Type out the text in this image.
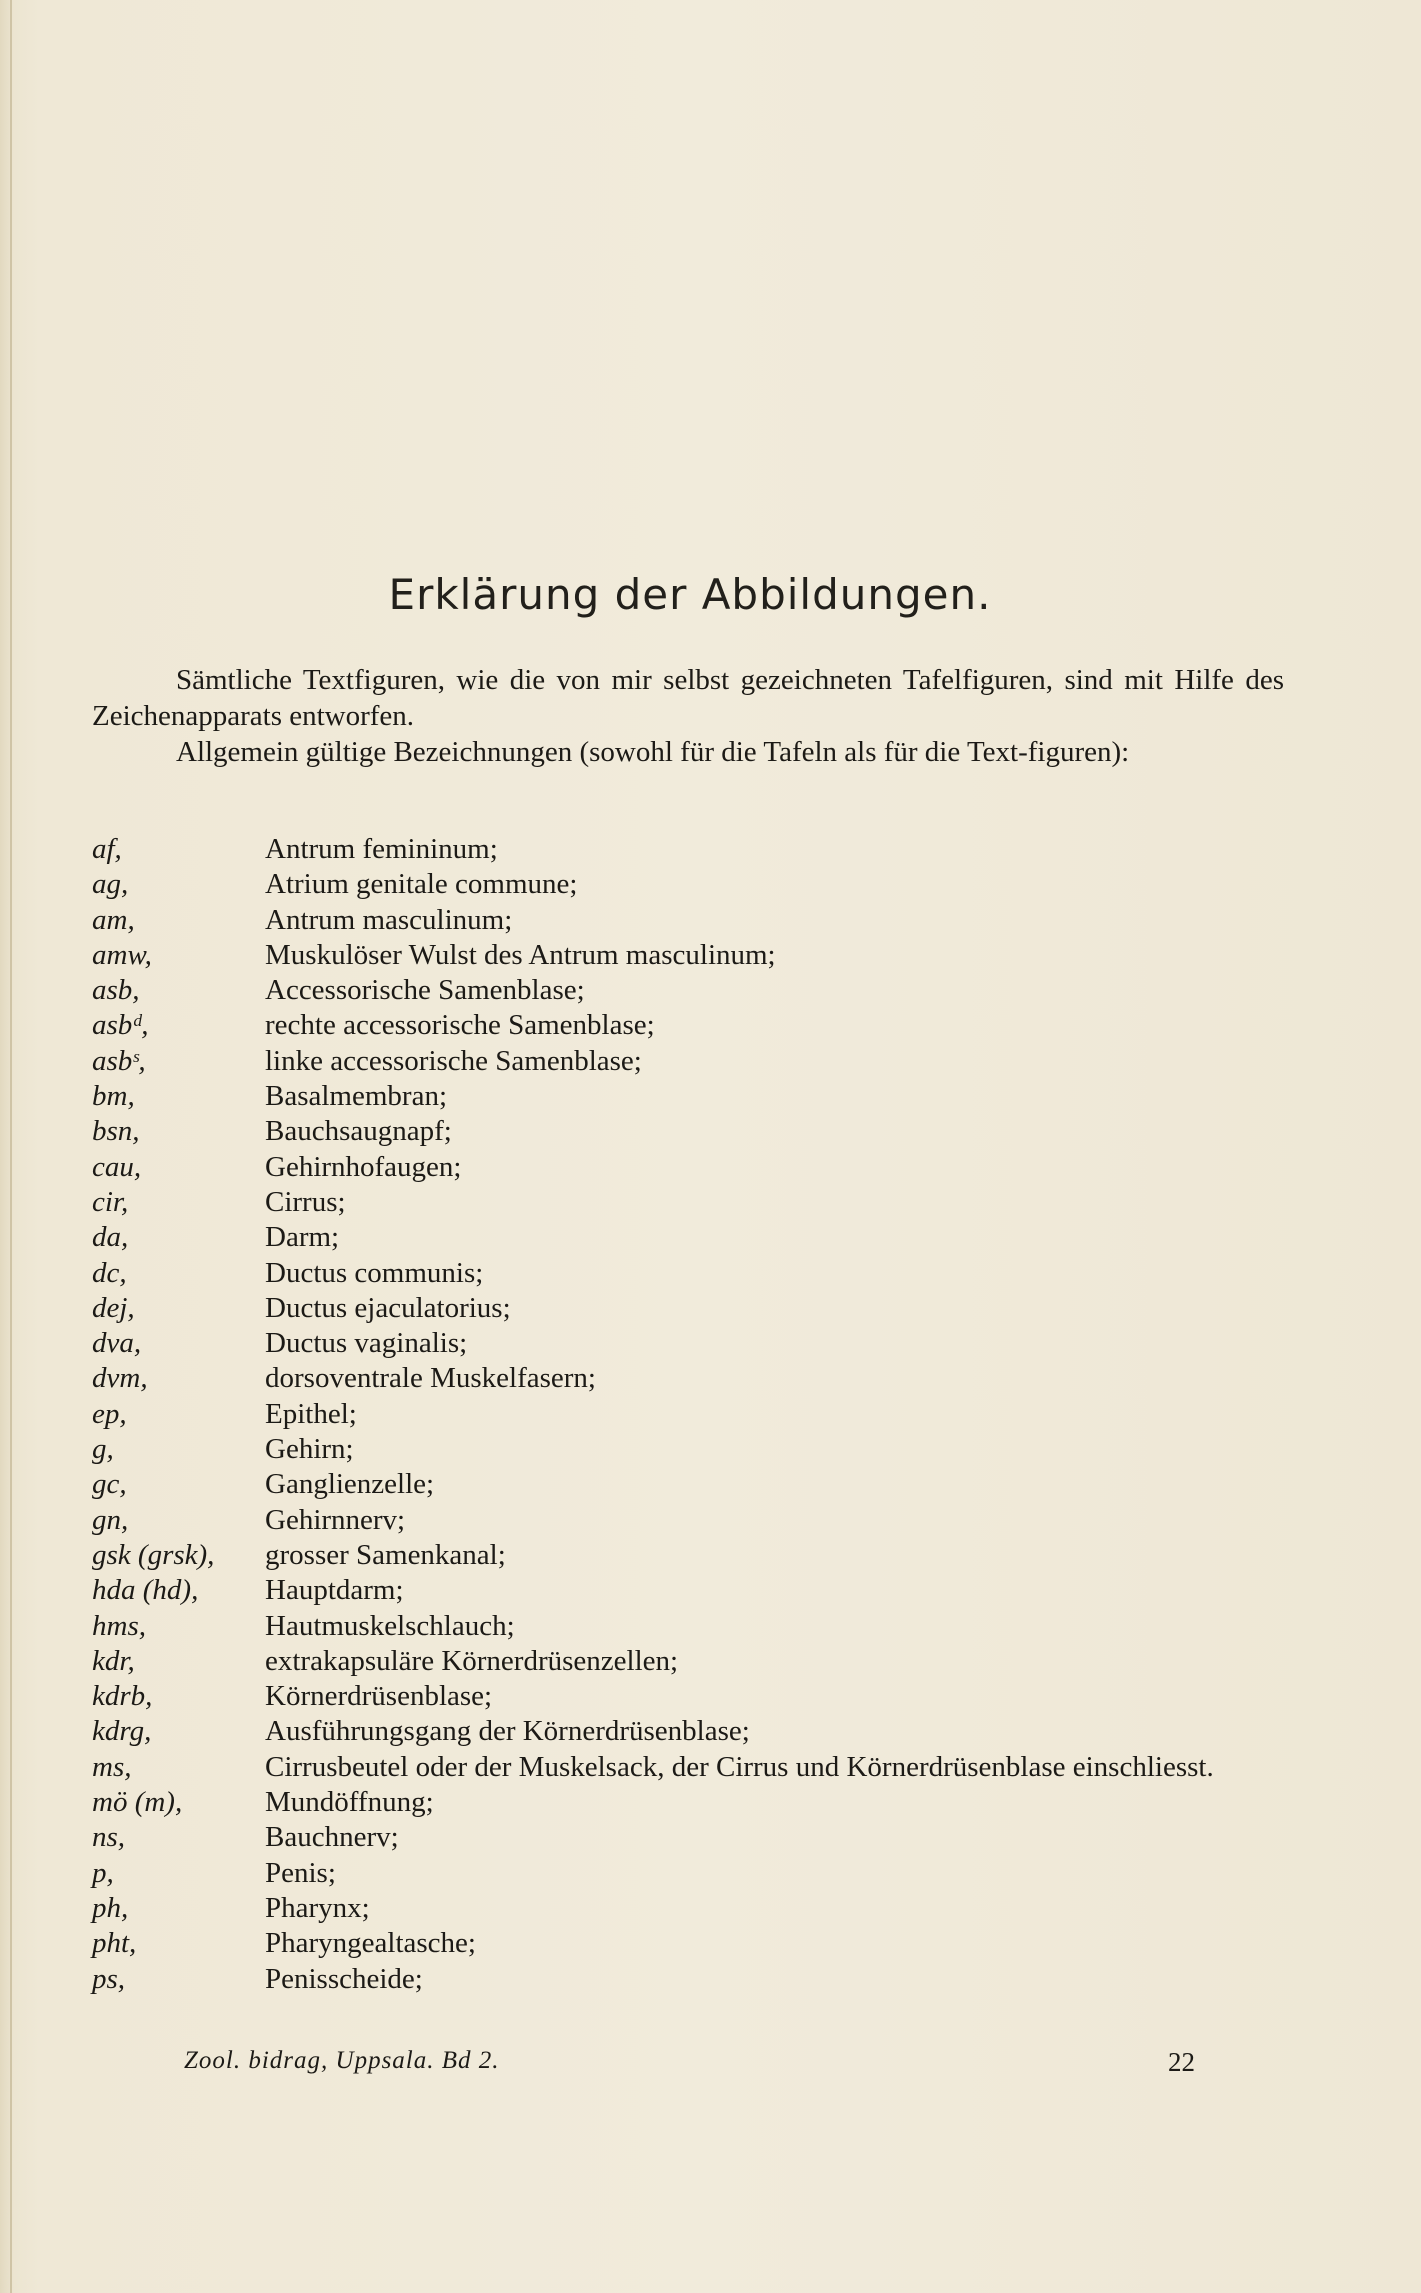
Erklärung der Abbildungen.

Sämtliche Textfiguren, wie die von mir selbst gezeichneten Tafelfiguren, sind mit Hilfe des Zeichenapparats entworfen.

Allgemein gültige Bezeichnungen (sowohl für die Tafeln als für die Text-figuren):

af,	Antrum femininum;
ag,	Atrium genitale commune;
am,	Antrum masculinum;
amw,	Muskulöser Wulst des Antrum masculinum;
asb,	Accessorische Samenblase;
asbᵈ,	rechte accessorische Samenblase;
asbˢ,	linke accessorische Samenblase;
bm,	Basalmembran;
bsn,	Bauchsaugnapf;
cau,	Gehirnhofaugen;
cir,	Cirrus;
da,	Darm;
dc,	Ductus communis;
dej,	Ductus ejaculatorius;
dva,	Ductus vaginalis;
dvm,	dorsoventrale Muskelfasern;
ep,	Epithel;
g,	Gehirn;
gc,	Ganglienzelle;
gn,	Gehirnnerv;
gsk (grsk),	grosser Samenkanal;
hda (hd),	Hauptdarm;
hms,	Hautmuskelschlauch;
kdr,	extrakapsuläre Körnerdrüsenzellen;
kdrb,	Körnerdrüsenblase;
kdrg,	Ausführungsgang der Körnerdrüsenblase;
ms,	Cirrusbeutel oder der Muskelsack, der Cirrus und Körnerdrüsenblase einschliesst.
mö (m),	Mundöffnung;
ns,	Bauchnerv;
p,	Penis;
ph,	Pharynx;
pht,	Pharyngealtasche;
ps,	Penisscheide;
Zool. bidrag, Uppsala. Bd 2.	22
